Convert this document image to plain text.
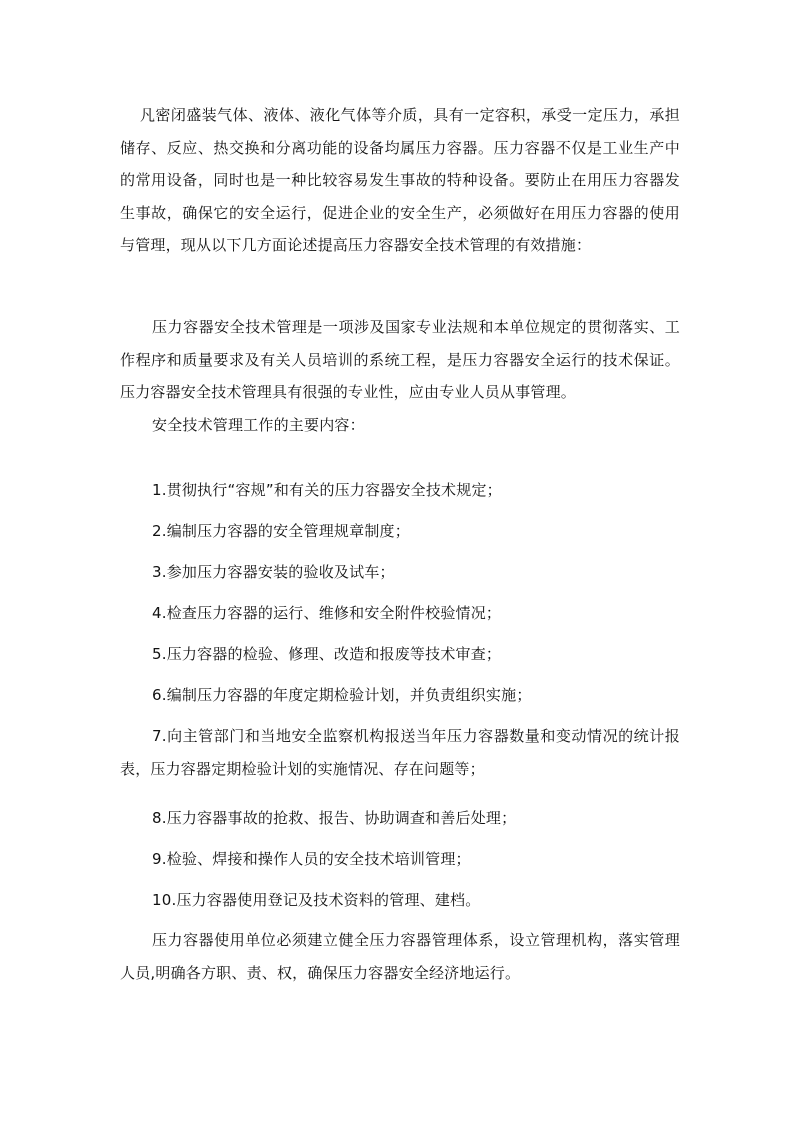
凡密闭盛装气体、液体、液化气体等介质，具有一定容积，承受一定压力，承担储存、反应、热交换和分离功能的设备均属压力容器。压力容器不仅是工业生产中的常用设备，同时也是一种比较容易发生事故的特种设备。要防止在用压力容器发生事故，确保它的安全运行，促进企业的安全生产，必须做好在用压力容器的使用与管理，现从以下几方面论述提高压力容器安全技术管理的有效措施：

压力容器安全技术管理是一项涉及国家专业法规和本单位规定的贯彻落实、工作程序和质量要求及有关人员培训的系统工程，是压力容器安全运行的技术保证。压力容器安全技术管理具有很强的专业性，应由专业人员从事管理。

安全技术管理工作的主要内容：

1.贯彻执行“容规”和有关的压力容器安全技术规定；

2.编制压力容器的安全管理规章制度；

3.参加压力容器安装的验收及试车；

4.检查压力容器的运行、维修和安全附件校验情况；

5.压力容器的检验、修理、改造和报废等技术审查；

6.编制压力容器的年度定期检验计划，并负责组织实施；

7.向主管部门和当地安全监察机构报送当年压力容器数量和变动情况的统计报表，压力容器定期检验计划的实施情况、存在问题等；

8.压力容器事故的抢救、报告、协助调查和善后处理；

9.检验、焊接和操作人员的安全技术培训管理；

10.压力容器使用登记及技术资料的管理、建档。

压力容器使用单位必须建立健全压力容器管理体系，设立管理机构，落实管理人员,明确各方职、责、权，确保压力容器安全经济地运行。
